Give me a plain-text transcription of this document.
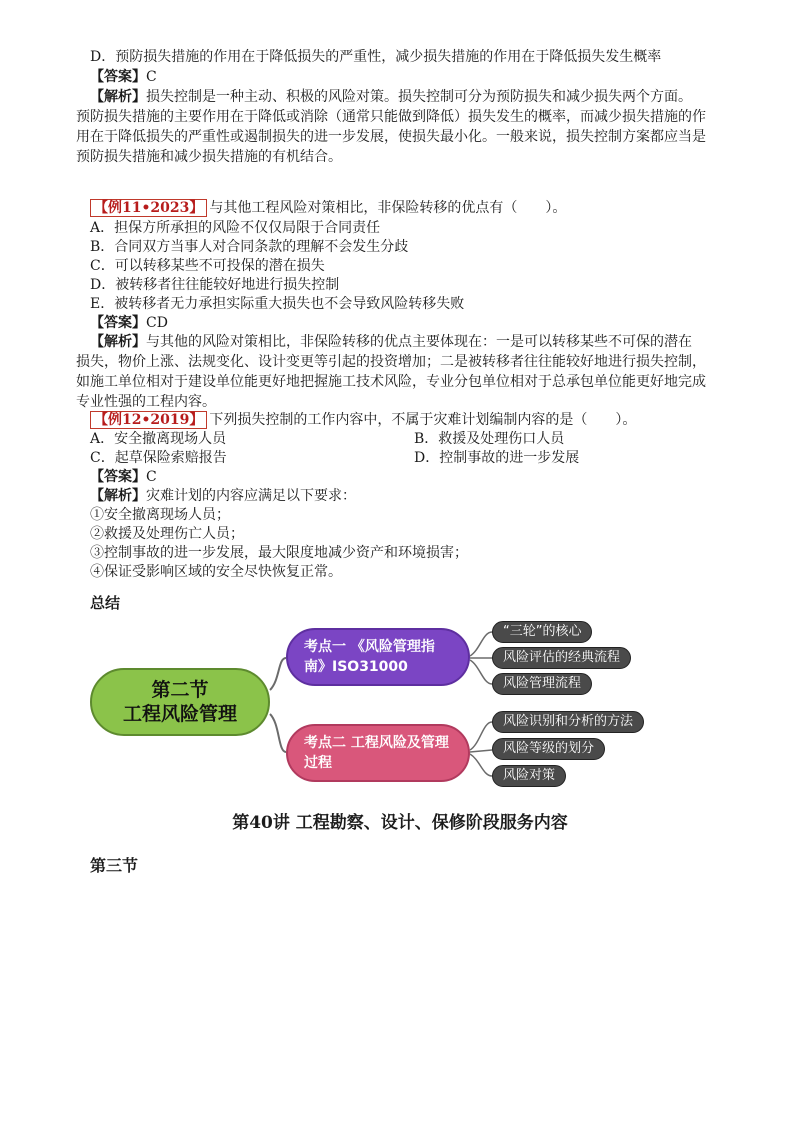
D．预防损失措施的作用在于降低损失的严重性，减少损失措施的作用在于降低损失发生概率
【答案】C
【解析】损失控制是一种主动、积极的风险对策。损失控制可分为预防损失和减少损失两个方面。
预防损失措施的主要作用在于降低或消除（通常只能做到降低）损失发生的概率，而减少损失措施的作
用在于降低损失的严重性或遏制损失的进一步发展，使损失最小化。一般来说，损失控制方案都应当是
预防损失措施和减少损失措施的有机结合。
【例11•2023】 与其他工程风险对策相比，非保险转移的优点有（　　）。
A．担保方所承担的风险不仅仅局限于合同责任
B．合同双方当事人对合同条款的理解不会发生分歧
C．可以转移某些不可投保的潜在损失
D．被转移者往往能较好地进行损失控制
E．被转移者无力承担实际重大损失也不会导致风险转移失败
【答案】CD
【解析】与其他的风险对策相比，非保险转移的优点主要体现在：一是可以转移某些不可保的潜在
损失，物价上涨、法规变化、设计变更等引起的投资增加；二是被转移者往往能较好地进行损失控制，
如施工单位相对于建设单位能更好地把握施工技术风险，专业分包单位相对于总承包单位能更好地完成
专业性强的工程内容。
【例12•2019】 下列损失控制的工作内容中，不属于灾难计划编制内容的是（　　）。
A．安全撤离现场人员	B．救援及处理伤口人员
C．起草保险索赔报告	D．控制事故的进一步发展
【答案】C
【解析】灾难计划的内容应满足以下要求：
①安全撤离现场人员；
②救援及处理伤亡人员；
③控制事故的进一步发展，最大限度地减少资产和环境损害；
④保证受影响区域的安全尽快恢复正常。
总结
第二节
工程风险管理
考点一 《风险管理指南》ISO31000
考点二 工程风险及管理过程
“三轮”的核心
风险评估的经典流程
风险管理流程
风险识别和分析的方法
风险等级的划分
风险对策
第40讲 工程勘察、设计、保修阶段服务内容
第三节
